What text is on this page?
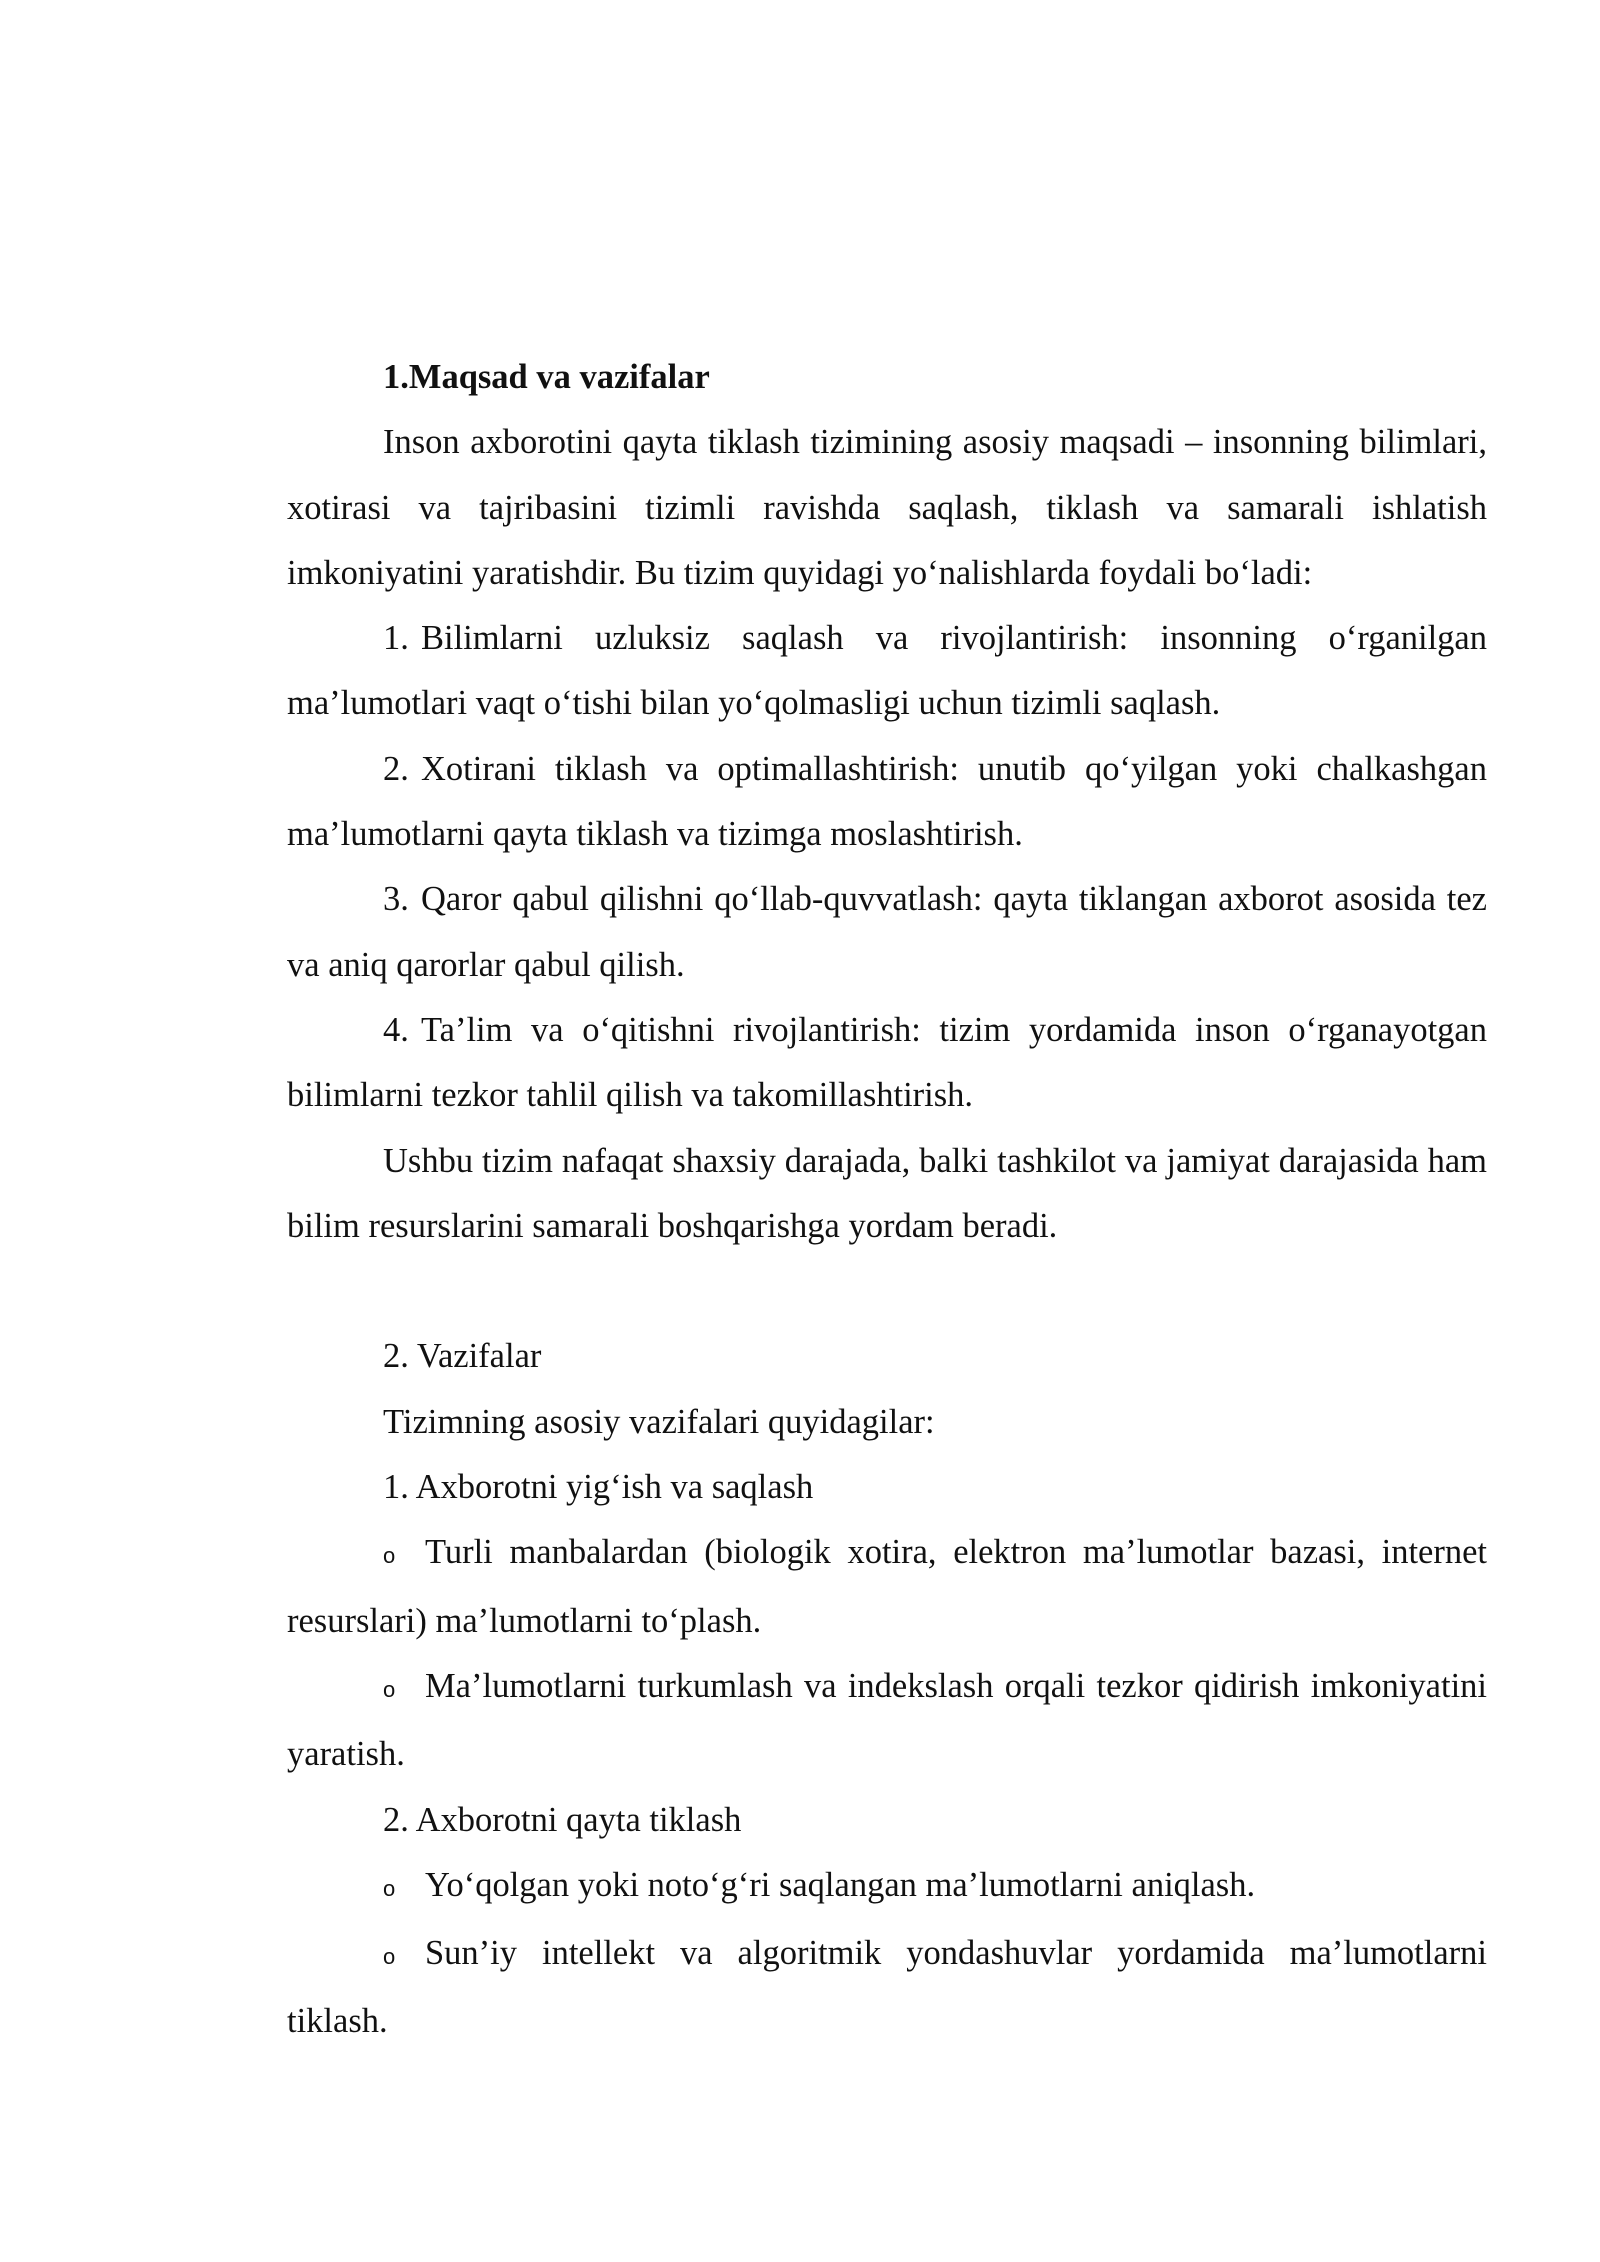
1.Maqsad va vazifalar

Inson axborotini qayta tiklash tizimining asosiy maqsadi – insonning bilimlari, xotirasi va tajribasini tizimli ravishda saqlash, tiklash va samarali ishlatish imkoniyatini yaratishdir. Bu tizim quyidagi yo‘nalishlarda foydali bo‘ladi:

1. Bilimlarni uzluksiz saqlash va rivojlantirish: insonning o‘rganilgan ma’lumotlari vaqt o‘tishi bilan yo‘qolmasligi uchun tizimli saqlash.

2. Xotirani tiklash va optimallashtirish: unutib qo‘yilgan yoki chalkashgan ma’lumotlarni qayta tiklash va tizimga moslashtirish.

3. Qaror qabul qilishni qo‘llab-quvvatlash: qayta tiklangan axborot asosida tez va aniq qarorlar qabul qilish.

4. Ta’lim va o‘qitishni rivojlantirish: tizim yordamida inson o‘rganayotgan bilimlarni tezkor tahlil qilish va takomillashtirish.

Ushbu tizim nafaqat shaxsiy darajada, balki tashkilot va jamiyat darajasida ham bilim resurslarini samarali boshqarishga yordam beradi.

2. Vazifalar

Tizimning asosiy vazifalari quyidagilar:

1. Axborotni yig‘ish va saqlash

o Turli manbalardan (biologik xotira, elektron ma’lumotlar bazasi, internet resurslari) ma’lumotlarni to‘plash.

o Ma’lumotlarni turkumlash va indekslash orqali tezkor qidirish imkoniyatini yaratish.

2. Axborotni qayta tiklash

o Yo‘qolgan yoki noto‘g‘ri saqlangan ma’lumotlarni aniqlash.

o Sun’iy intellekt va algoritmik yondashuvlar yordamida ma’lumotlarni tiklash.
